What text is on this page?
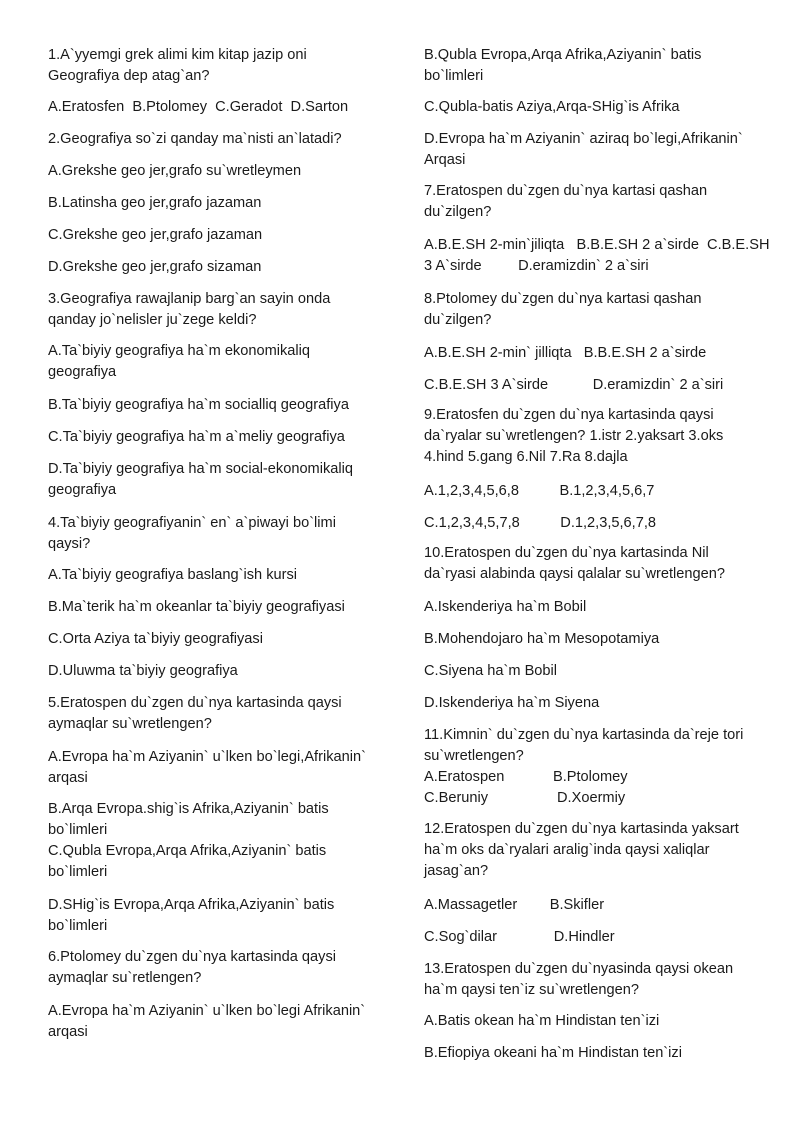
1.A`yyemgi grek alimi kim kitap jazip oni
Geografiya dep atag`an?
A.Eratosfen  B.Ptolomey  C.Geradot  D.Sarton
2.Geografiya so`zi qanday ma`nisti an`latadi?
A.Grekshe geo jer,grafo su`wretleymen
B.Latinsha geo jer,grafo jazaman
C.Grekshe geo jer,grafo jazaman
D.Grekshe geo jer,grafo sizaman
3.Geografiya rawajlanip barg`an sayin onda
qanday jo`nelisler ju`zege keldi?
A.Ta`biyiy geografiya ha`m ekonomikaliq
geografiya
B.Ta`biyiy geografiya ha`m socialliq geografiya
C.Ta`biyiy geografiya ha`m a`meliy geografiya
D.Ta`biyiy geografiya ha`m social-ekonomikaliq
geografiya
4.Ta`biyiy geografiyanin` en` a`piwayi bo`limi
qaysi?
A.Ta`biyiy geografiya baslang`ish kursi
B.Ma`terik ha`m okeanlar ta`biyiy geografiyasi
C.Orta Aziya ta`biyiy geografiyasi
D.Uluwma ta`biyiy geografiya
5.Eratospen du`zgen du`nya kartasinda qaysi
aymaqlar su`wretlengen?
A.Evropa ha`m Aziyanin` u`lken bo`legi,Afrikanin`
arqasi
B.Arqa Evropa.shig`is Afrika,Aziyanin` batis
bo`limleri
C.Qubla Evropa,Arqa Afrika,Aziyanin` batis
bo`limleri
D.SHig`is Evropa,Arqa Afrika,Aziyanin` batis
bo`limleri
6.Ptolomey du`zgen du`nya kartasinda qaysi
aymaqlar su`retlengen?
A.Evropa ha`m Aziyanin` u`lken bo`legi Afrikanin`
arqasi
B.Qubla Evropa,Arqa Afrika,Aziyanin` batis
bo`limleri
C.Qubla-batis Aziya,Arqa-SHig`is Afrika
D.Evropa ha`m Aziyanin` aziraq bo`legi,Afrikanin`
Arqasi
7.Eratospen du`zgen du`nya kartasi qashan
du`zilgen?
A.B.E.SH 2-min`jiliqta   B.B.E.SH 2 a`sirde  C.B.E.SH
3 A`sirde         D.eramizdin` 2 a`siri
8.Ptolomey du`zgen du`nya kartasi qashan
du`zilgen?
A.B.E.SH 2-min` jilliqta   B.B.E.SH 2 a`sirde
C.B.E.SH 3 A`sirde           D.eramizdin` 2 a`siri
9.Eratosfen du`zgen du`nya kartasinda qaysi
da`ryalar su`wretlengen? 1.istr 2.yaksart 3.oks
4.hind 5.gang 6.Nil 7.Ra 8.dajla
A.1,2,3,4,5,6,8          B.1,2,3,4,5,6,7
C.1,2,3,4,5,7,8          D.1,2,3,5,6,7,8
10.Eratospen du`zgen du`nya kartasinda Nil
da`ryasi alabinda qaysi qalalar su`wretlengen?
A.Iskenderiya ha`m Bobil
B.Mohendojaro ha`m Mesopotamiya
C.Siyena ha`m Bobil
D.Iskenderiya ha`m Siyena
11.Kimnin` du`zgen du`nya kartasinda da`reje tori
su`wretlengen?
A.Eratospen            B.Ptolomey
C.Beruniy                 D.Xoermiy
12.Eratospen du`zgen du`nya kartasinda yaksart
ha`m oks da`ryalari aralig`inda qaysi xaliqlar
jasag`an?
A.Massagetler        B.Skifler
C.Sog`dilar              D.Hindler
13.Eratospen du`zgen du`nyasinda qaysi okean
ha`m qaysi ten`iz su`wretlengen?
A.Batis okean ha`m Hindistan ten`izi
B.Efiopiya okeani ha`m Hindistan ten`izi
